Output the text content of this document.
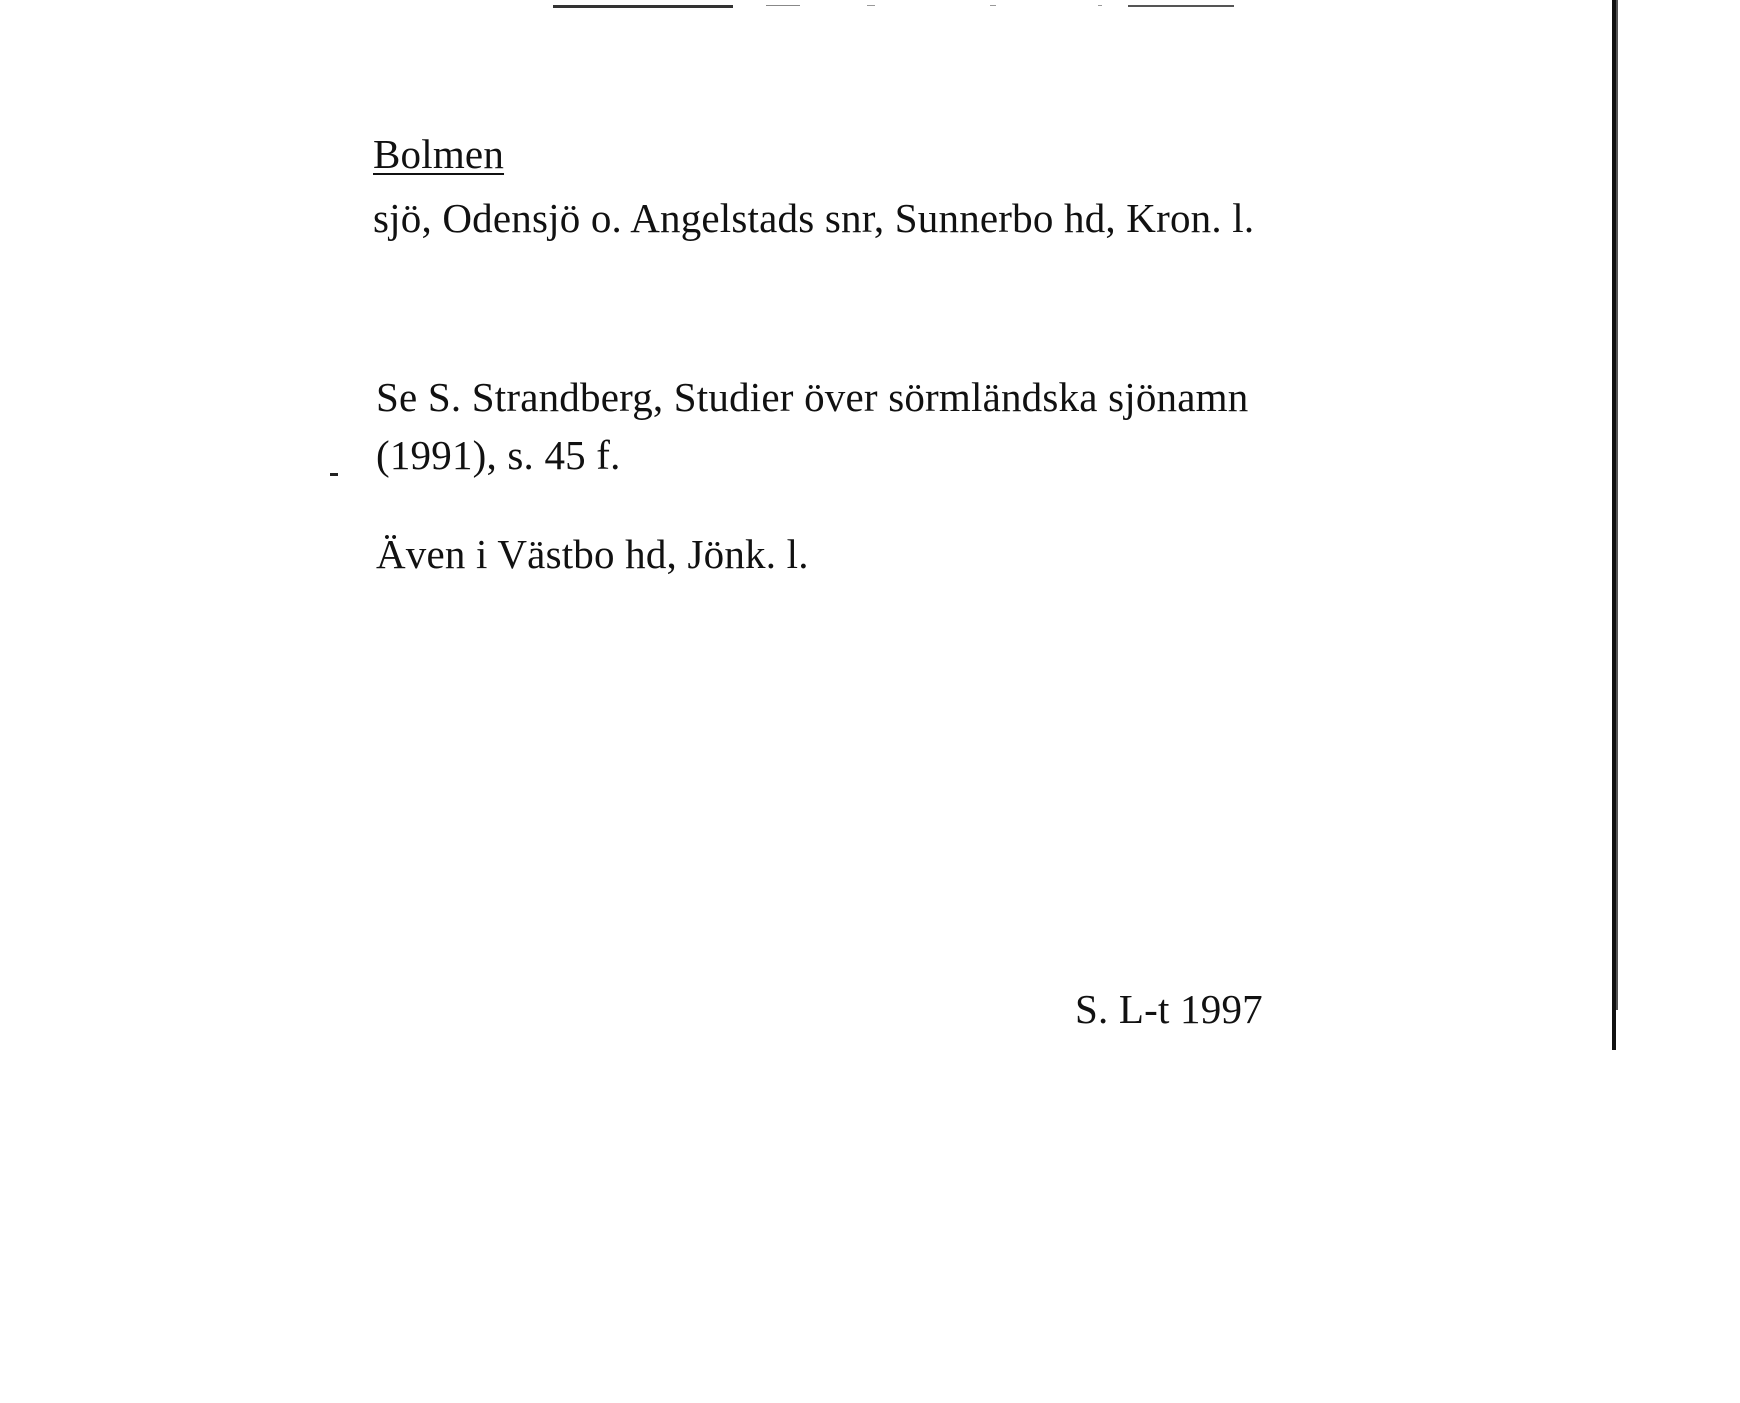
Bolmen
sjö, Odensjö o. Angelstads snr, Sunnerbo hd, Kron. l.
Se S. Strandberg, Studier över sörmländska sjönamn
(1991), s. 45 f.
Även i Västbo hd, Jönk. l.
S. L-t 1997
